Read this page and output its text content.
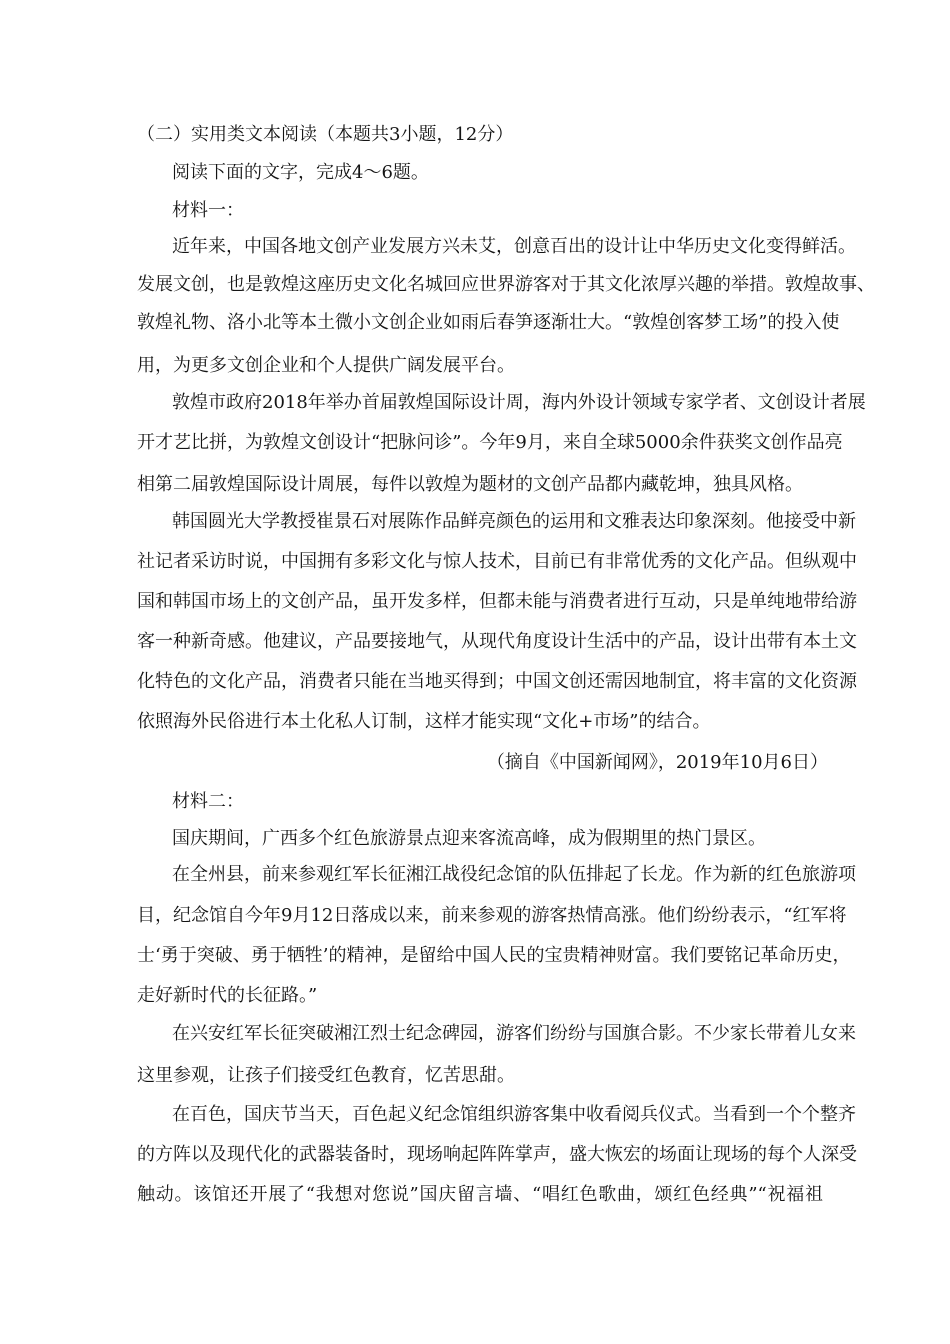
（二）实用类文本阅读（本题共3小题，12分）
阅读下面的文字，完成4～6题。
材料一：
近年来，中国各地文创产业发展方兴未艾，创意百出的设计让中华历史文化变得鲜活。
发展文创，也是敦煌这座历史文化名城回应世界游客对于其文化浓厚兴趣的举措。敦煌故事、
敦煌礼物、洛小北等本土微小文创企业如雨后春笋逐渐壮大。“敦煌创客梦工场”的投入使
用，为更多文创企业和个人提供广阔发展平台。
敦煌市政府2018年举办首届敦煌国际设计周，海内外设计领域专家学者、文创设计者展
开才艺比拼，为敦煌文创设计“把脉问诊”。今年9月，来自全球5000余件获奖文创作品亮
相第二届敦煌国际设计周展，每件以敦煌为题材的文创产品都内藏乾坤，独具风格。
韩国圆光大学教授崔景石对展陈作品鲜亮颜色的运用和文雅表达印象深刻。他接受中新
社记者采访时说，中国拥有多彩文化与惊人技术，目前已有非常优秀的文化产品。但纵观中
国和韩国市场上的文创产品，虽开发多样，但都未能与消费者进行互动，只是单纯地带给游
客一种新奇感。他建议，产品要接地气，从现代角度设计生活中的产品，设计出带有本土文
化特色的文化产品，消费者只能在当地买得到；中国文创还需因地制宜，将丰富的文化资源
依照海外民俗进行本土化私人订制，这样才能实现“文化+市场”的结合。
（摘自《中国新闻网》，2019年10月6日）
材料二：
国庆期间，广西多个红色旅游景点迎来客流高峰，成为假期里的热门景区。
在全州县，前来参观红军长征湘江战役纪念馆的队伍排起了长龙。作为新的红色旅游项
目，纪念馆自今年9月12日落成以来，前来参观的游客热情高涨。他们纷纷表示，“红军将
士‘勇于突破、勇于牺牲’的精神，是留给中国人民的宝贵精神财富。我们要铭记革命历史，
走好新时代的长征路。”
在兴安红军长征突破湘江烈士纪念碑园，游客们纷纷与国旗合影。不少家长带着儿女来
这里参观，让孩子们接受红色教育，忆苦思甜。
在百色，国庆节当天，百色起义纪念馆组织游客集中收看阅兵仪式。当看到一个个整齐
的方阵以及现代化的武器装备时，现场响起阵阵掌声，盛大恢宏的场面让现场的每个人深受
触动。该馆还开展了“我想对您说”国庆留言墙、“唱红色歌曲，颂红色经典”“祝福祖
